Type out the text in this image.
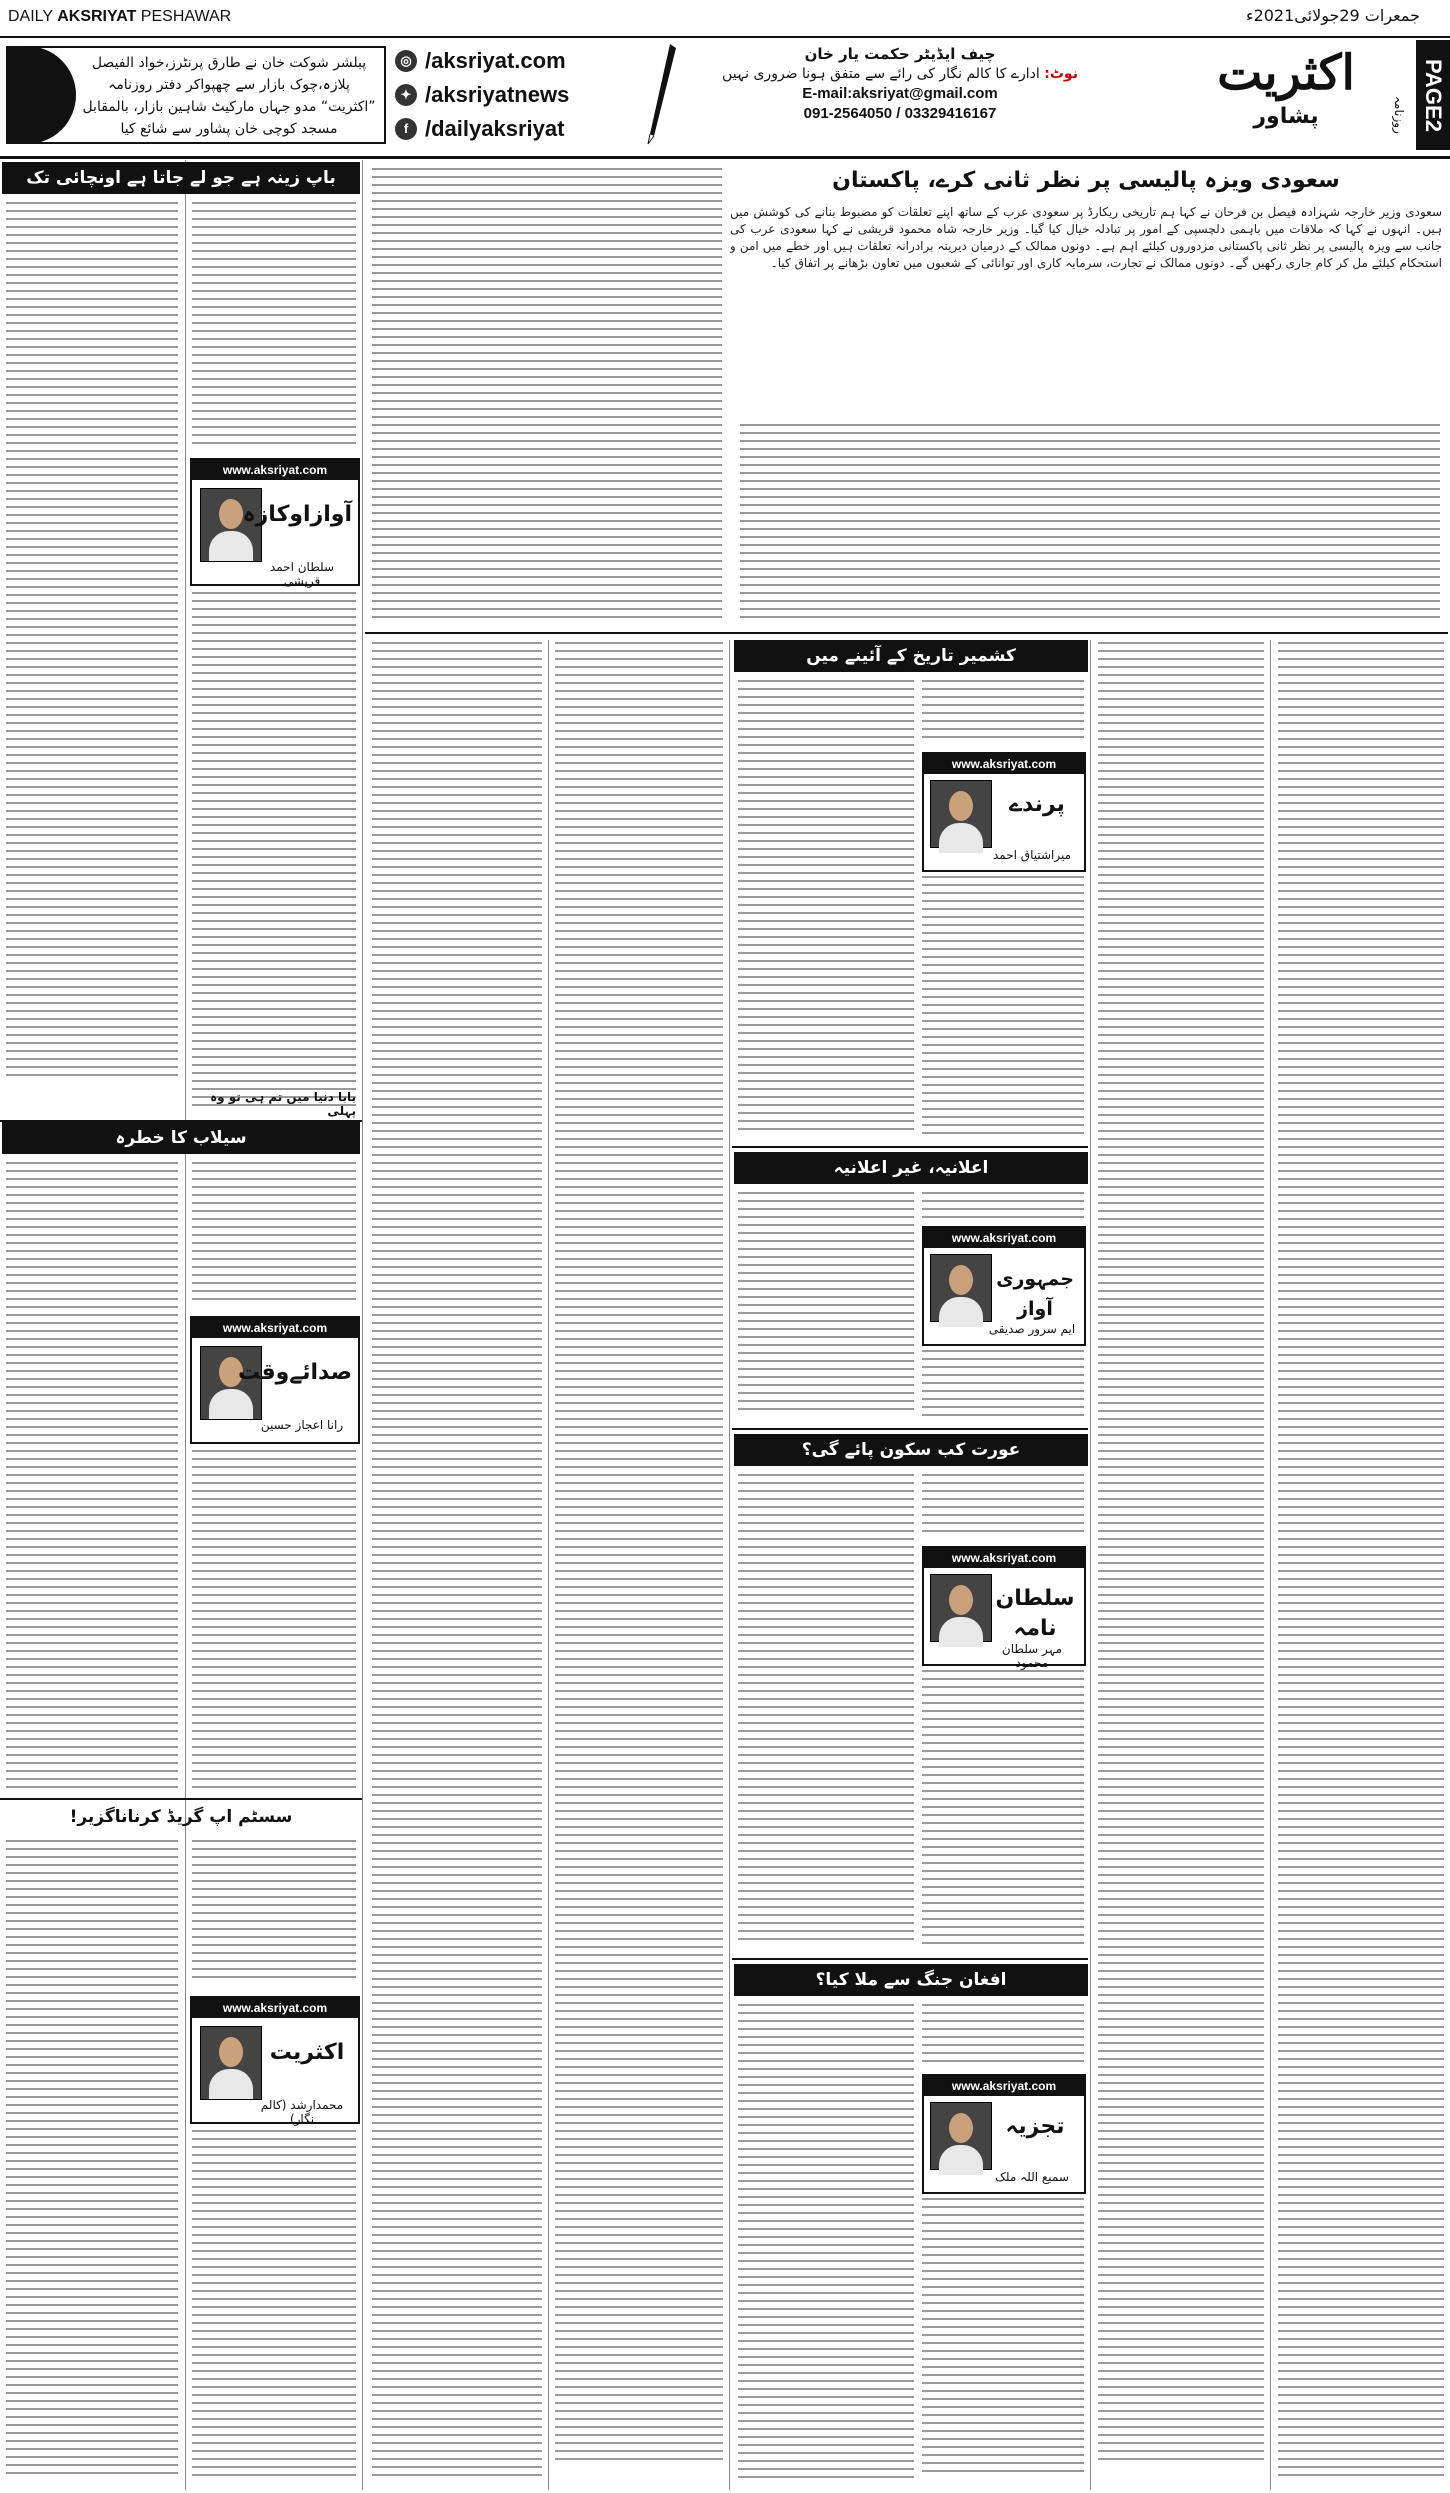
DAILY AKSRIYAT PESHAWAR	جمعرات 29جولائی2021ء
PAGE2
روزنامہ
اکثریت
پشاور
چیف ایڈیٹر حکمت یار خان
نوٹ: ادارے کا کالم نگار کی رائے سے متفق ہونا ضروری نہیں
E-mail:aksriyat@gmail.com
091-2564050 / 03329416167
◎ /aksriyat.com
✦ /aksriyatnews
f /dailyaksriyat

پبلشر شوکت خان نے طارق پرنٹرز،خواد الفیصل پلازہ،چوک بازار سے چھپواکر دفتر روزنامہ ”اکثریت“ مدو جہاں مارکیٹ شاہین بازار، بالمقابل مسجد کوچی خان پشاور سے شائع کیا

سعودی ویزہ پالیسی پر نظر ثانی کرے، پاکستان
سعودی وزیر خارجہ شہزادہ فیصل بن فرحان نے کہا ہم تاریخی ریکارڈ پر سعودی عرب کے ساتھ اپنے تعلقات کو مضبوط بنانے کی کوشش میں ہیں۔ انہوں نے کہا کہ ملاقات میں باہمی دلچسپی کے امور پر تبادلہ خیال کیا گیا۔ وزیر خارجہ شاہ محمود قریشی نے کہا سعودی عرب کی جانب سے ویزہ پالیسی پر نظر ثانی پاکستانی مزدوروں کیلئے اہم ہے۔ دونوں ممالک کے درمیان دیرینہ برادرانہ تعلقات ہیں اور خطے میں امن و استحکام کیلئے مل کر کام جاری رکھیں گے۔ دونوں ممالک نے تجارت، سرمایہ کاری اور توانائی کے شعبوں میں تعاون بڑھانے پر اتفاق کیا۔
باپ زینہ ہے جو لے جاتا ہے اونچائی تک
www.aksriyat.com
آوازاوکازہ
سلطان احمد قریشی
بابا دنیا میں تم ہی تو وہ پہلی
سیلاب کا خطرہ
www.aksriyat.com
صدائےوقت
رانا اعجاز حسین
سسٹم اپ گریڈ کرناناگزیر!
www.aksriyat.com
اکثریت
محمدارشد (کالم نگار)
کشمیر تاریخ کے آئینے میں
www.aksriyat.com
پرندے
میراشتیاق احمد
اعلانیہ، غیر اعلانیہ
www.aksriyat.com
جمہوری آواز
ایم سرور صدیقی
عورت کب سکون پائے گی؟
www.aksriyat.com
سلطان نامہ
مہر سلطان محمود
افغان جنگ سے ملا کیا؟
www.aksriyat.com
تجزیہ
سمیع اللہ ملک
